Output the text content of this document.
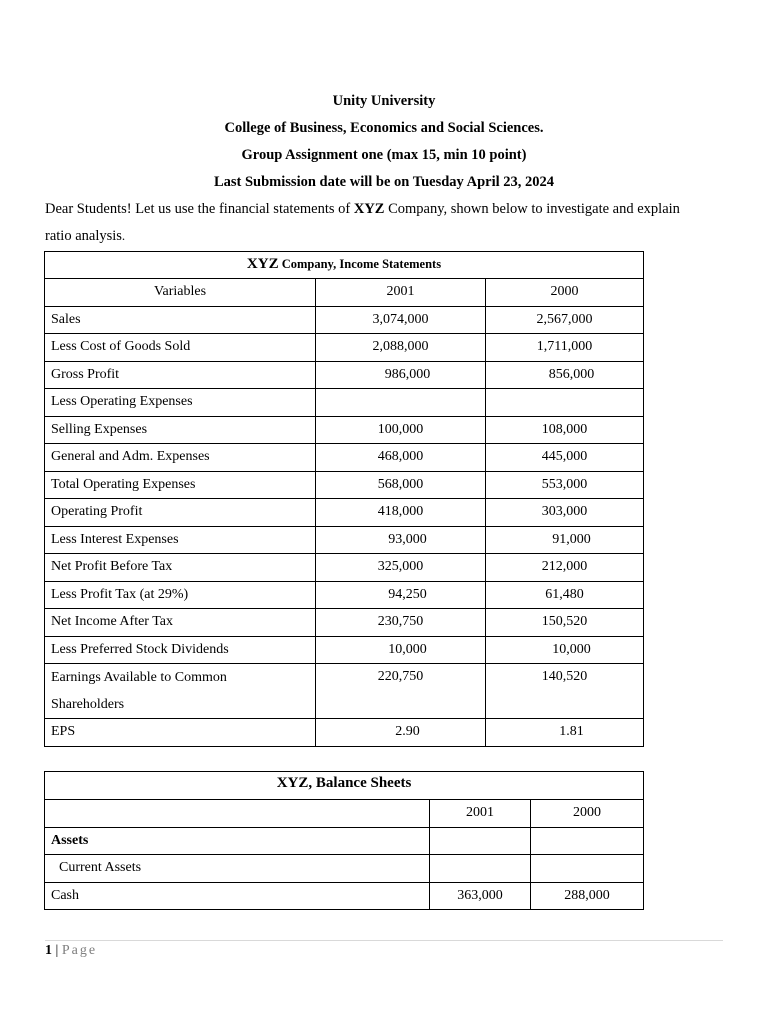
Unity University
College of Business, Economics and Social Sciences.
Group Assignment one (max 15, min 10 point)
Last Submission date will be on Tuesday April 23, 2024
Dear Students! Let us use the financial statements of XYZ Company, shown below to investigate and explain
ratio analysis.
XYZ Company, Income Statements		
Variables	2001	2000
Sales	3,074,000	2,567,000
Less Cost of Goods Sold	2,088,000	1,711,000
Gross Profit	986,000	856,000
Less Operating Expenses		
Selling Expenses	100,000	108,000
General and Adm. Expenses	468,000	445,000
Total Operating Expenses	568,000	553,000
Operating Profit	418,000	303,000
Less Interest Expenses	93,000	91,000
Net Profit Before Tax	325,000	212,000
Less Profit Tax (at 29%)	94,250	61,480
Net Income After Tax	230,750	150,520
Less Preferred Stock Dividends	10,000	10,000

Earnings Available to Common
Shareholders	220,750	140,520
EPS	2.90	1.81
XYZ, Balance Sheets		
	2001	2000
Assets		
Current Assets		
Cash	363,000	288,000
1 | Page
